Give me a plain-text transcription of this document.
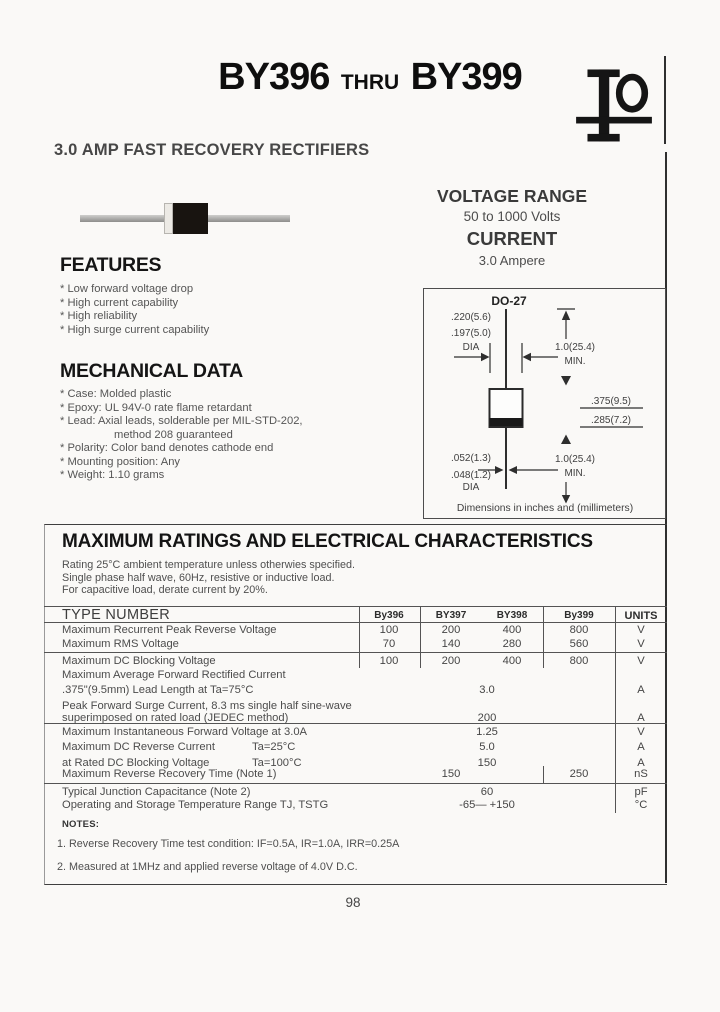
BY396 THRU BY399
3.0 AMP FAST RECOVERY RECTIFIERS
VOLTAGE RANGE
50 to 1000 Volts
CURRENT
3.0 Ampere
FEATURES
* Low forward voltage drop
* High current capability
* High reliability
* High surge current capability
MECHANICAL DATA
* Case: Molded plastic
* Epoxy: UL 94V-0 rate flame retardant
* Lead: Axial leads, solderable per MIL-STD-202,
method 208 guaranteed
* Polarity: Color band denotes cathode end
* Mounting position: Any
* Weight: 1.10 grams
DO-27
.220(5.6)
.197(5.0)
DIA	1.0(25.4)
MIN.
.375(9.5)
.285(7.2)
1.0(25.4)
MIN.
.052(1.3)
.048(1.2)
DIA
Dimensions in inches and (millimeters)
MAXIMUM RATINGS AND ELECTRICAL CHARACTERISTICS
Rating 25°C ambient temperature unless otherwies specified.
Single phase half wave, 60Hz, resistive or inductive load.
For capacitive load, derate current by 20%.
TYPE NUMBER	By396	BY397	BY398	By399	UNITS
Maximum Recurrent Peak Reverse Voltage	100	200	400	800	V
Maximum RMS Voltage	70	140	280	560	V
Maximum DC Blocking Voltage	100	200	400	800	V
Maximum Average Forward Rectified Current
.375"(9.5mm) Lead Length at Ta=75°C	3.0	A
Peak Forward Surge Current, 8.3 ms single half sine-wave
superimposed on rated load (JEDEC method)	200	A
Maximum Instantaneous Forward Voltage at 3.0A	1.25	V
Maximum DC Reverse Current	Ta=25°C	5.0	A
at Rated DC Blocking Voltage	Ta=100°C	150	A
Maximum Reverse Recovery Time (Note 1)	150	250	nS
Typical Junction Capacitance (Note 2)	60	pF
Operating and Storage Temperature Range TJ, TSTG	-65— +150	°C
NOTES:
1. Reverse Recovery Time test condition: IF=0.5A, IR=1.0A, IRR=0.25A
2. Measured at 1MHz and applied reverse voltage of 4.0V D.C.
98
